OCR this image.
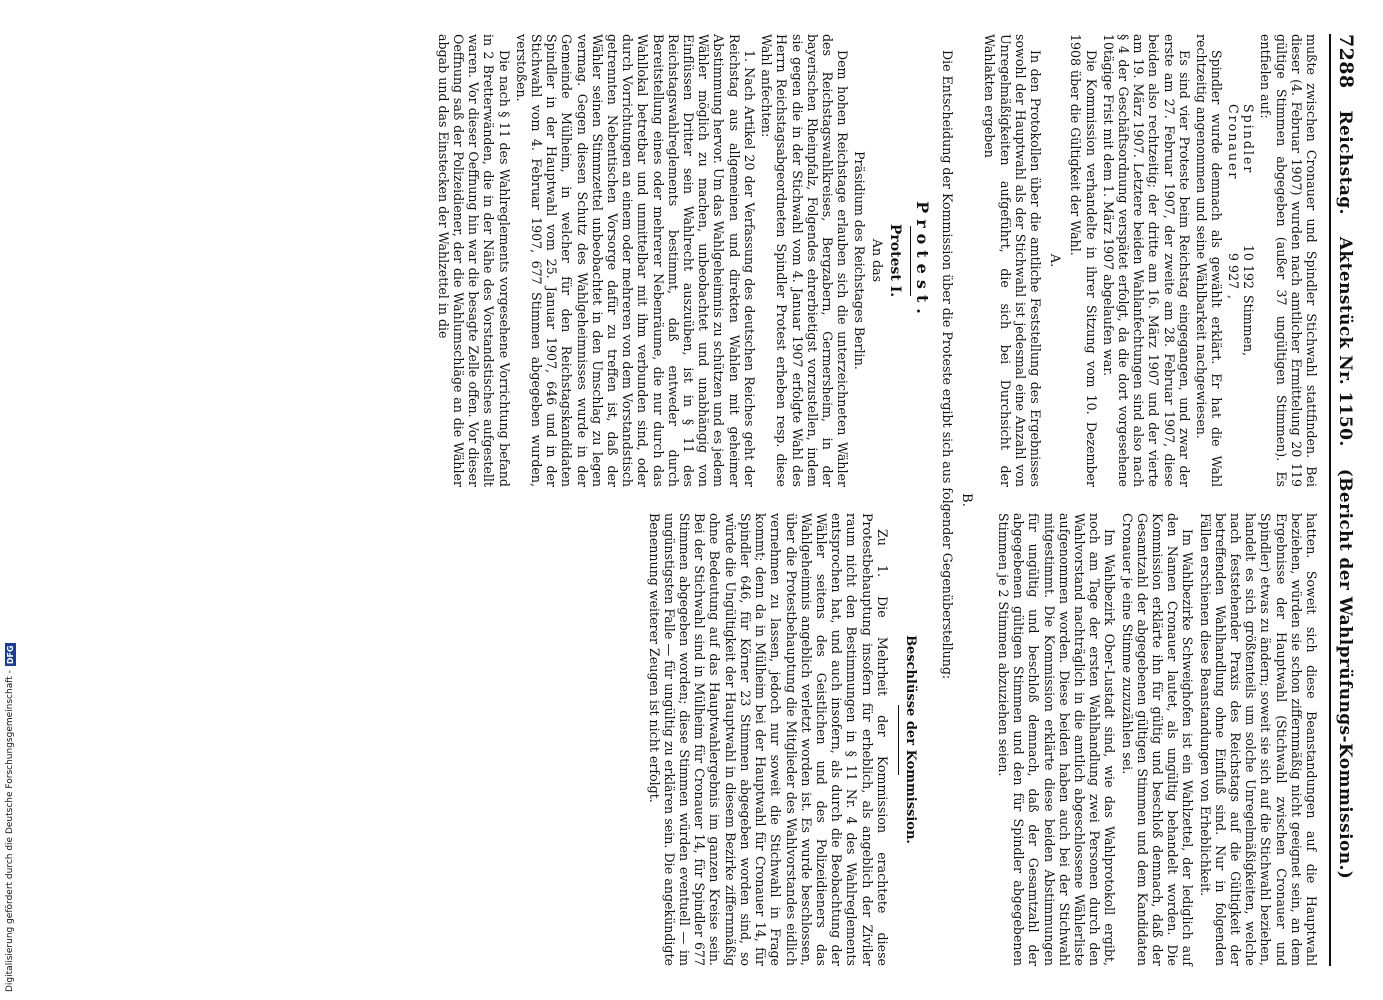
7288
Reichstag.
Aktenstück Nr. 1150.
(Bericht der Wahlprüfungs-Kommission.)

mußte zwischen Cronauer und Spindler Stichwahl stattfinden. Bei dieser (4. Februar 1907) wurden nach amtlicher Ermittelung 20 119 gültige Stimmen abgegeben (außer 37 ungültigen Stimmen). Es entfielen auf:

Spindler
10 192
Stimmen,
Cronauer
9 927
,

Spindler wurde demnach als gewählt erklärt. Er hat die Wahl rechtzeitig angenommen und seine Wählbarkeit nachgewiesen.

Es sind vier Proteste beim Reichstag eingegangen, und zwar der erste am 27. Februar 1907, der zweite am 28. Februar 1907, diese beiden also rechtzeitig; der dritte am 16. März 1907 und der vierte am 19. März 1907. Letztere beiden Wahlanfechtungen sind also nach § 4 der Geschäftsordnung verspätet erfolgt, da die dort vorgesehene 10tägige Frist mit dem 1. März 1907 abgelaufen war.

Die Kommission verhandelte in ihrer Sitzung vom 10. Dezember 1908 über die Gültigkeit der Wahl.

A.

In den Protokollen über die amtliche Feststellung des Ergebnisses sowohl der Hauptwahl als der Stichwahl ist jedesmal eine Anzahl von Unregelmäßigkeiten aufgeführt, die sich bei Durchsicht der Wahlakten ergeben

hatten. Soweit sich diese Beanstandungen auf die Hauptwahl beziehen, würden sie schon ziffernmäßig nicht geeignet sein, an dem Ergebnisse der Hauptwahl (Stichwahl zwischen Cronauer und Spindler) etwas zu ändern; soweit sie sich auf die Stichwahl beziehen, handelt es sich größtenteils um solche Unregelmäßigkeiten, welche nach feststehender Praxis des Reichstags auf die Gültigkeit der betreffenden Wahlhandlung ohne Einfluß sind. Nur in folgenden Fällen erschienen diese Beanstandungen von Erheblichkeit.

Im Wahlbezirke Schweighofen ist ein Wahlzettel, der lediglich auf den Namen Cronauer lautet, als ungültig behandelt worden. Die Kommission erklärte ihn für gültig und beschloß demnach, daß der Gesamtzahl der abgegebenen gültigen Stimmen und dem Kandidaten Cronauer je eine Stimme zuzuzählen sei.

Im Wahlbezirk Ober-Lustadt sind, wie das Wahlprotokoll ergibt, noch am Tage der ersten Wahlhandlung zwei Personen durch den Wahlvorstand nachträglich in die amtlich abgeschlossene Wählerliste aufgenommen worden. Diese beiden haben auch bei der Stichwahl mitgestimmt. Die Kommission erklärte diese beiden Abstimmungen für ungültig und beschloß demnach, daß der Gesamtzahl der abgegebenen gültigen Stimmen und den für Spindler abgegebenen Stimmen je 2 Stimmen abzuziehen seien.

B.

Die Entscheidung der Kommission über die Proteste ergibt sich aus folgender Gegenüberstellung:

Protest.
Protest I.
An das
Präsidium des Reichstages Berlin.

Dem hohen Reichstage erlauben sich die unterzeichneten Wähler des Reichstagswahlkreises, Bergzabern, Germersheim, in der bayerischen Rheinpfalz, Folgendes ehrerbietigst vorzustellen, indem sie gegen die in der Stichwahl vom 4. Januar 1907 erfolgte Wahl des Herrn Reichstagsabgeordneten Spindler Protest erheben resp. diese Wahl anfechten:

1. Nach Artikel 20 der Verfassung des deutschen Reiches geht der Reichstag aus allgemeinen und direkten Wahlen mit geheimer Abstimmung hervor. Um das Wahlgeheimnis zu schützen und es jedem Wähler möglich zu machen, unbeobachtet und unabhängig von Einflüssen Dritter sein Wahlrecht auszuüben, ist in § 11 des Reichstagswahlreglements bestimmt, daß entweder durch Bereitstellung eines oder mehrerer Nebenräume, die nur durch das Wahllokal betretbar und unmittelbar mit ihm verbunden sind, oder durch Vorrichtungen an einem oder mehreren von dem Vorstandstisch getrennten Nebentischen Vorsorge dafür zu treffen ist, daß der Wähler seinen Stimmzettel unbeobachtet in den Umschlag zu legen vermag. Gegen diesen Schutz des Wahlgeheimnisses wurde in der Gemeinde Mülheim, in welcher für den Reichstagskandidaten Spindler in der Hauptwahl vom 25. Januar 1907, 646 und in der Stichwahl vom 4. Februar 1907, 677 Stimmen abgegeben wurden, verstoßen.

Die nach § 11 des Wahlreglements vorgesehene Vorrichtung befand in 2 Bretterwänden, die in der Nähe des Vorstandstisches aufgestellt waren. Vor dieser Oeffnung hin war die besagte Zelle offen. Vor dieser Oeffnung saß der Polizeidiener, der die Wahlumschläge an die Wähler abgab und das Einstecken der Wahlzettel in die

Beschlüsse der Kommission.

Zu 1. Die Mehrheit der Kommission erachtete diese Protestbehauptung insofern für erheblich, als angeblich der Ziviler raum nicht den Bestimmungen in § 11 Nr. 4 des Wahlreglements entsprochen hat, und auch insofern, als durch die Beobachtung der Wähler seitens des Geistlichen und des Polizeidieners das Wahlgeheimnis angeblich verletzt worden ist. Es wurde beschlossen, über die Protestbehauptung die Mitglieder des Wahlvorstandes eidlich vernehmen zu lassen, jedoch nur soweit die Stichwahl in Frage kommt; denn da in Mülheim bei der Hauptwahl für Cronauer 14, für Spindler 646, für Körner 23 Stimmen abgegeben worden sind, so würde die Ungültigkeit der Hauptwahl in diesem Bezirke ziffernmäßig ohne Bedeutung auf das Hauptwahlergebnis im ganzen Kreise sein. Bei der Stichwahl sind in Mülheim für Cronauer 14, für Spindler 677 Stimmen abgegeben worden; diese Stimmen würden eventuell — im ungünstigsten Falle — für ungültig zu erklären sein. Die angekündigte Benennung weiterer Zeugen ist nicht erfolgt.

Digitalisierung gefördert durch die Deutsche Forschungsgemeinschaft -
DFG
